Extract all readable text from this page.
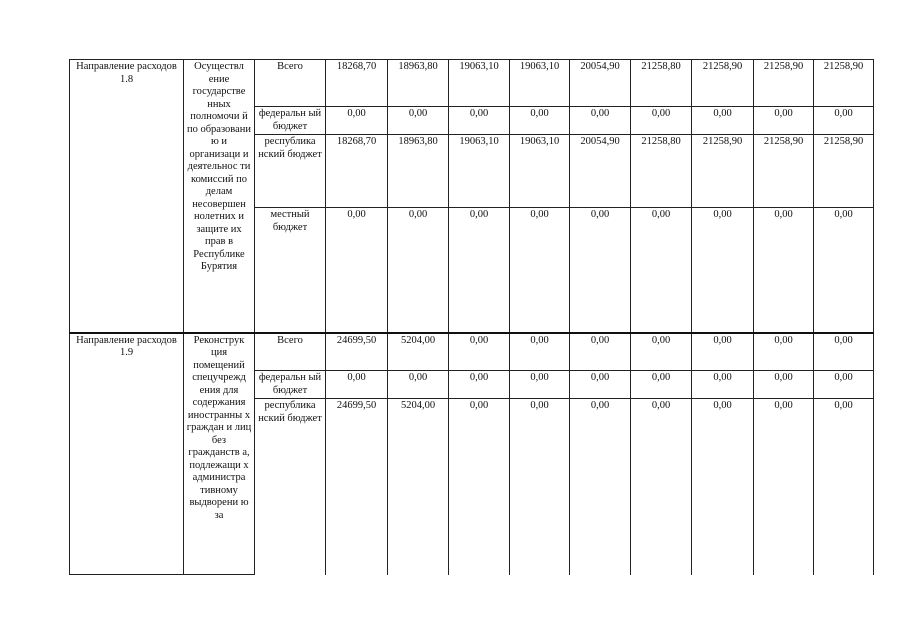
Направление расходов 1.8	Осуществл ение государстве нных полномочи й по образовани ю и организаци и деятельнос ти комиссий по делам несовершен нолетних и защите их прав в Республике Бурятия	Всего	18268,70	18963,80	19063,10	19063,10	20054,90	21258,80	21258,90	21258,90	21258,90
		федеральн ый бюджет	0,00	0,00	0,00	0,00	0,00	0,00	0,00	0,00	0,00
		республика нский бюджет	18268,70	18963,80	19063,10	19063,10	20054,90	21258,80	21258,90	21258,90	21258,90
		местный бюджет	0,00	0,00	0,00	0,00	0,00	0,00	0,00	0,00	0,00
Направление расходов 1.9	Реконструк ция помещений спецучрежд ения для содержания иностранны х граждан и лиц без гражданств а, подлежащи х администра тивному выдворени ю за	Всего	24699,50	5204,00	0,00	0,00	0,00	0,00	0,00	0,00	0,00
		федеральн ый бюджет	0,00	0,00	0,00	0,00	0,00	0,00	0,00	0,00	0,00
		республика нский бюджет	24699,50	5204,00	0,00	0,00	0,00	0,00	0,00	0,00	0,00
